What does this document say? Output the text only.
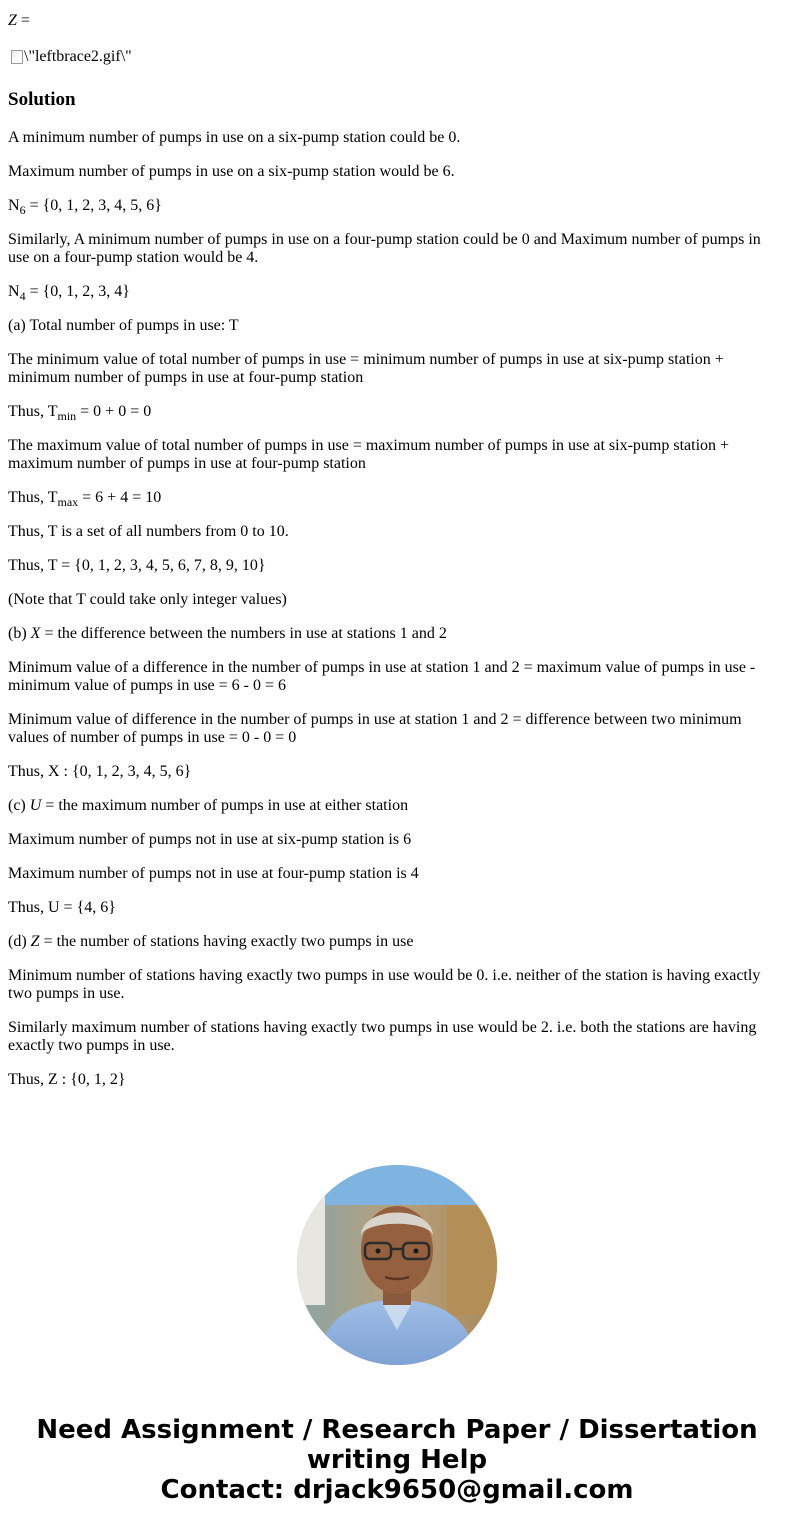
Z =

\"leftbrace2.gif\"
Solution

A minimum number of pumps in use on a six-pump station could be 0.

Maximum number of pumps in use on a six-pump station would be 6.

$N_6 = \{0$, 1, 2, 3, 4, 5, 6}

Similarly, A minimum number of pumps in use on a four-pump station could be 0 and Maximum number of pumps in use on a four-pump station would be 4.

$N_4 = \{0$, 1, 2, 3, 4}

(a) Total number of pumps in use: T

The minimum value of total number of pumps in use = minimum number of pumps in use at six-pump station + minimum number of pumps in use at four-pump station

Thus, $T_{min} = 0 + 0 = 0$

The maximum value of total number of pumps in use = maximum number of pumps in use at six-pump station + maximum number of pumps in use at four-pump station

Thus, $T_{max} = 6 + 4 = 10$

Thus, T is a set of all numbers from 0 to 10.

Thus, T = {0, 1, 2, 3, 4, 5, 6, 7, 8, 9, 10}

(Note that T could take only integer values)

(b) X = the difference between the numbers in use at stations 1 and 2

Minimum value of a difference in the number of pumps in use at station 1 and 2 = maximum value of pumps in use - minimum value of pumps in use = 6 - 0 = 6

Minimum value of difference in the number of pumps in use at station 1 and 2 = difference between two minimum values of number of pumps in use = 0 - 0 = 0

Thus, X : {0, 1, 2, 3, 4, 5, 6}

(c) U = the maximum number of pumps in use at either station

Maximum number of pumps not in use at six-pump station is 6

Maximum number of pumps not in use at four-pump station is 4

Thus, U = {4, 6}

(d) Z = the number of stations having exactly two pumps in use

Minimum number of stations having exactly two pumps in use would be 0. i.e. neither of the station is having exactly two pumps in use.

Similarly maximum number of stations having exactly two pumps in use would be 2. i.e. both the stations are having exactly two pumps in use.

Thus, Z : {0, 1, 2}

Need Assignment / Research Paper / Dissertation
writing Help
Contact: drjack9650@gmail.com
